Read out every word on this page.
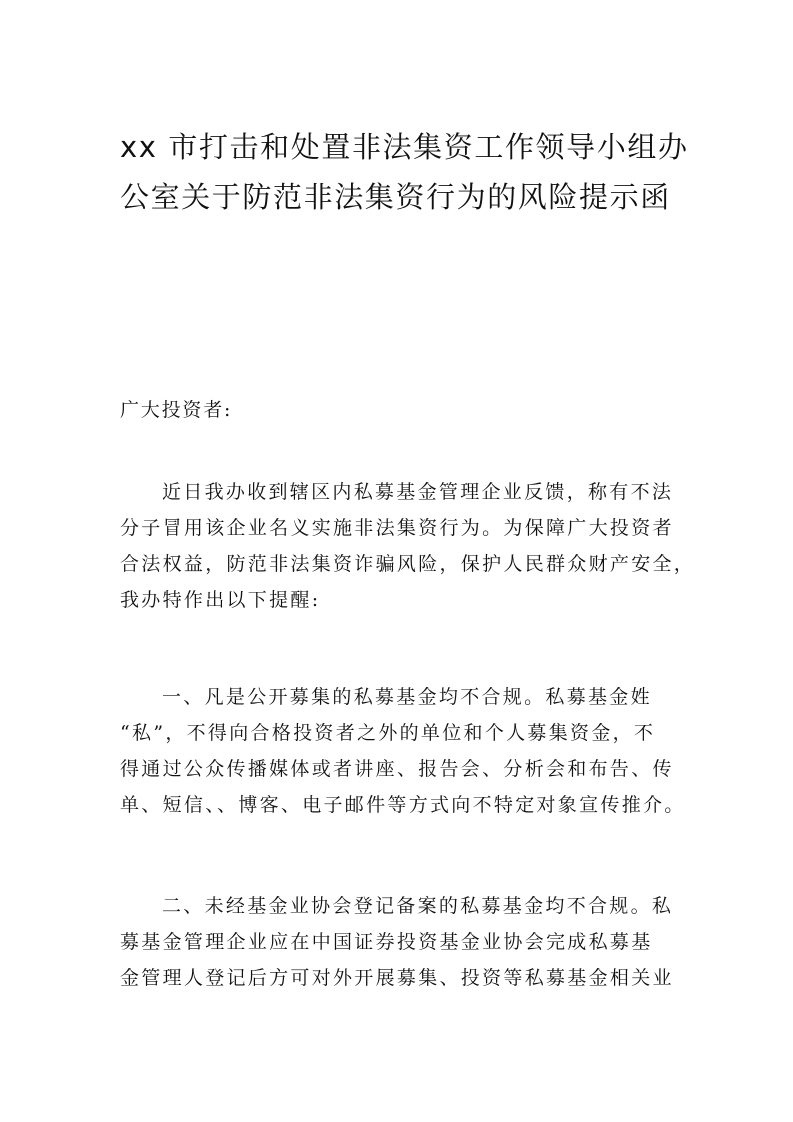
xx 市打击和处置非法集资工作领导小组办
公室关于防范非法集资行为的风险提示函
广大投资者:
近日我办收到辖区内私募基金管理企业反馈，称有不法
分子冒用该企业名义实施非法集资行为。为保障广大投资者
合法权益，防范非法集资诈骗风险，保护人民群众财产安全，
我办特作出以下提醒:
一、凡是公开募集的私募基金均不合规。私募基金姓
“私”，不得向合格投资者之外的单位和个人募集资金，不
得通过公众传播媒体或者讲座、报告会、分析会和布告、传
单、短信、、博客、电子邮件等方式向不特定对象宣传推介。
二、未经基金业协会登记备案的私募基金均不合规。私
募基金管理企业应在中国证券投资基金业协会完成私募基
金管理人登记后方可对外开展募集、投资等私募基金相关业
